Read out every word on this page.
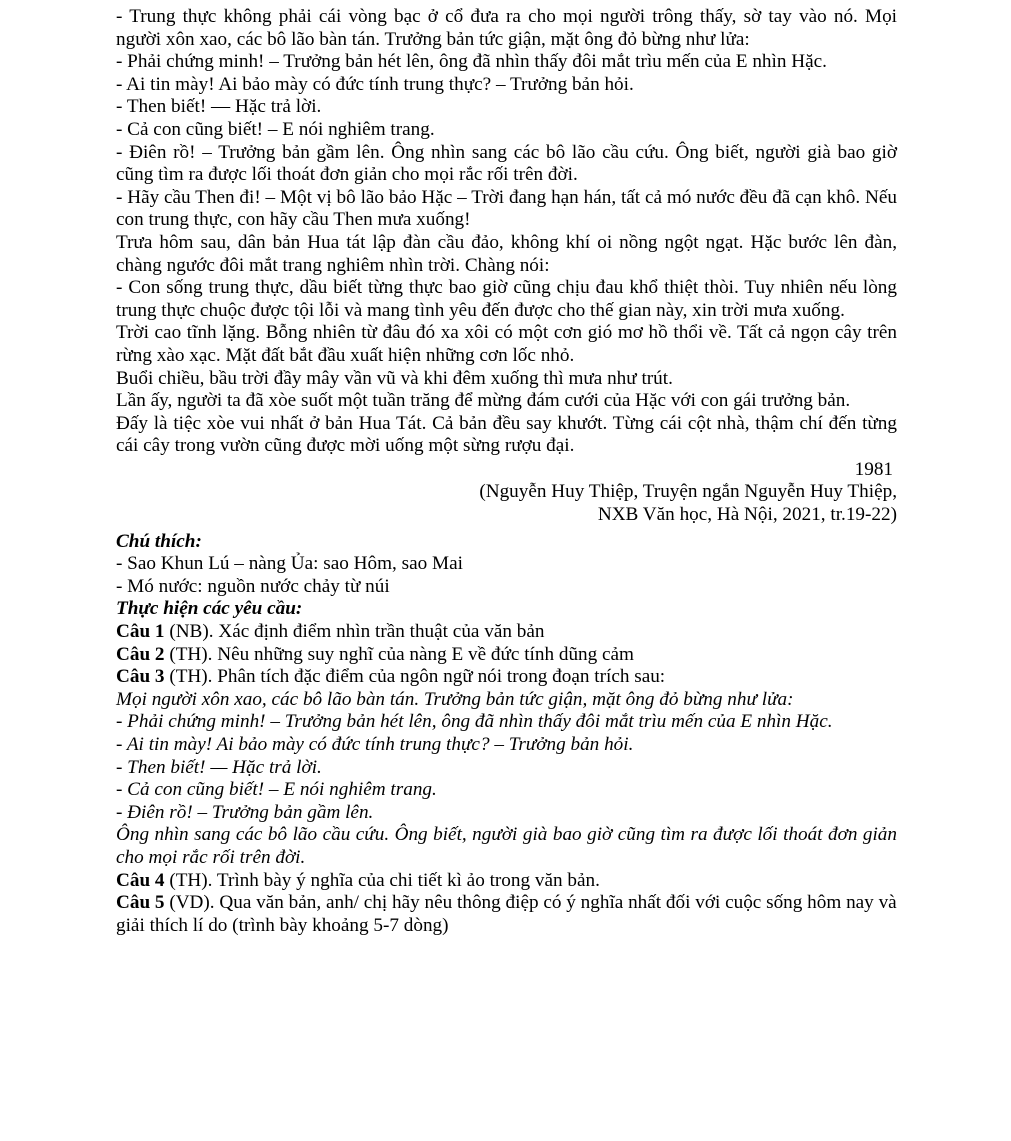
- Trung thực không phải cái vòng bạc ở cổ đưa ra cho mọi người trông thấy, sờ tay vào nó. Mọi người xôn xao, các bô lão bàn tán. Trưởng bản tức giận, mặt ông đỏ bừng như lửa:

- Phải chứng minh! – Trưởng bản hét lên, ông đã nhìn thấy đôi mắt trìu mến của E nhìn Hặc.

- Ai tin mày! Ai bảo mày có đức tính trung thực? – Trưởng bản hỏi.

- Then biết! — Hặc trả lời.

- Cả con cũng biết! – E nói nghiêm trang.

- Điên rồ! – Trưởng bản gầm lên. Ông nhìn sang các bô lão cầu cứu. Ông biết, người già bao giờ cũng tìm ra được lối thoát đơn giản cho mọi rắc rối trên đời.

- Hãy cầu Then đi! – Một vị bô lão bảo Hặc – Trời đang hạn hán, tất cả mó nước đều đã cạn khô. Nếu con trung thực, con hãy cầu Then mưa xuống!

Trưa hôm sau, dân bản Hua tát lập đàn cầu đảo, không khí oi nồng ngột ngạt. Hặc bước lên đàn, chàng ngước đôi mắt trang nghiêm nhìn trời. Chàng nói:

- Con sống trung thực, dầu biết từng thực bao giờ cũng chịu đau khổ thiệt thòi. Tuy nhiên nếu lòng trung thực chuộc được tội lỗi và mang tình yêu đến được cho thế gian này, xin trời mưa xuống.

Trời cao tĩnh lặng. Bỗng nhiên từ đâu đó xa xôi có một cơn gió mơ hồ thổi về. Tất cả ngọn cây trên rừng xào xạc. Mặt đất bắt đầu xuất hiện những cơn lốc nhỏ.

Buổi chiều, bầu trời đầy mây vần vũ và khi đêm xuống thì mưa như trút.

Lần ấy, người ta đã xòe suốt một tuần trăng để mừng đám cưới của Hặc với con gái trưởng bản.

Đấy là tiệc xòe vui nhất ở bản Hua Tát. Cả bản đều say khướt. Từng cái cột nhà, thậm chí đến từng cái cây trong vườn cũng được mời uống một sừng rượu đại.

1981

(Nguyễn Huy Thiệp, Truyện ngắn Nguyễn Huy Thiệp,

NXB Văn học, Hà Nội, 2021, tr.19-22)

Chú thích:

- Sao Khun Lú – nàng Ủa: sao Hôm, sao Mai

- Mó nước: nguồn nước chảy từ núi

Thực hiện các yêu cầu:

Câu 1 (NB). Xác định điểm nhìn trần thuật của văn bản

Câu 2 (TH). Nêu những suy nghĩ của nàng E về đức tính dũng cảm

Câu 3 (TH). Phân tích đặc điểm của ngôn ngữ nói trong đoạn trích sau:

Mọi người xôn xao, các bô lão bàn tán. Trưởng bản tức giận, mặt ông đỏ bừng như lửa:

- Phải chứng minh! – Trưởng bản hét lên, ông đã nhìn thấy đôi mắt trìu mến của E nhìn Hặc.

- Ai tin mày! Ai bảo mày có đức tính trung thực? – Trưởng bản hỏi.

- Then biết! — Hặc trả lời.

- Cả con cũng biết! – E nói nghiêm trang.

- Điên rồ! – Trưởng bản gầm lên.

Ông nhìn sang các bô lão cầu cứu. Ông biết, người già bao giờ cũng tìm ra được lối thoát đơn giản cho mọi rắc rối trên đời.

Câu 4 (TH). Trình bày ý nghĩa của chi tiết kì ảo trong văn bản.

Câu 5 (VD). Qua văn bản, anh/ chị hãy nêu thông điệp có ý nghĩa nhất đối với cuộc sống hôm nay và giải thích lí do (trình bày khoảng 5-7 dòng)
